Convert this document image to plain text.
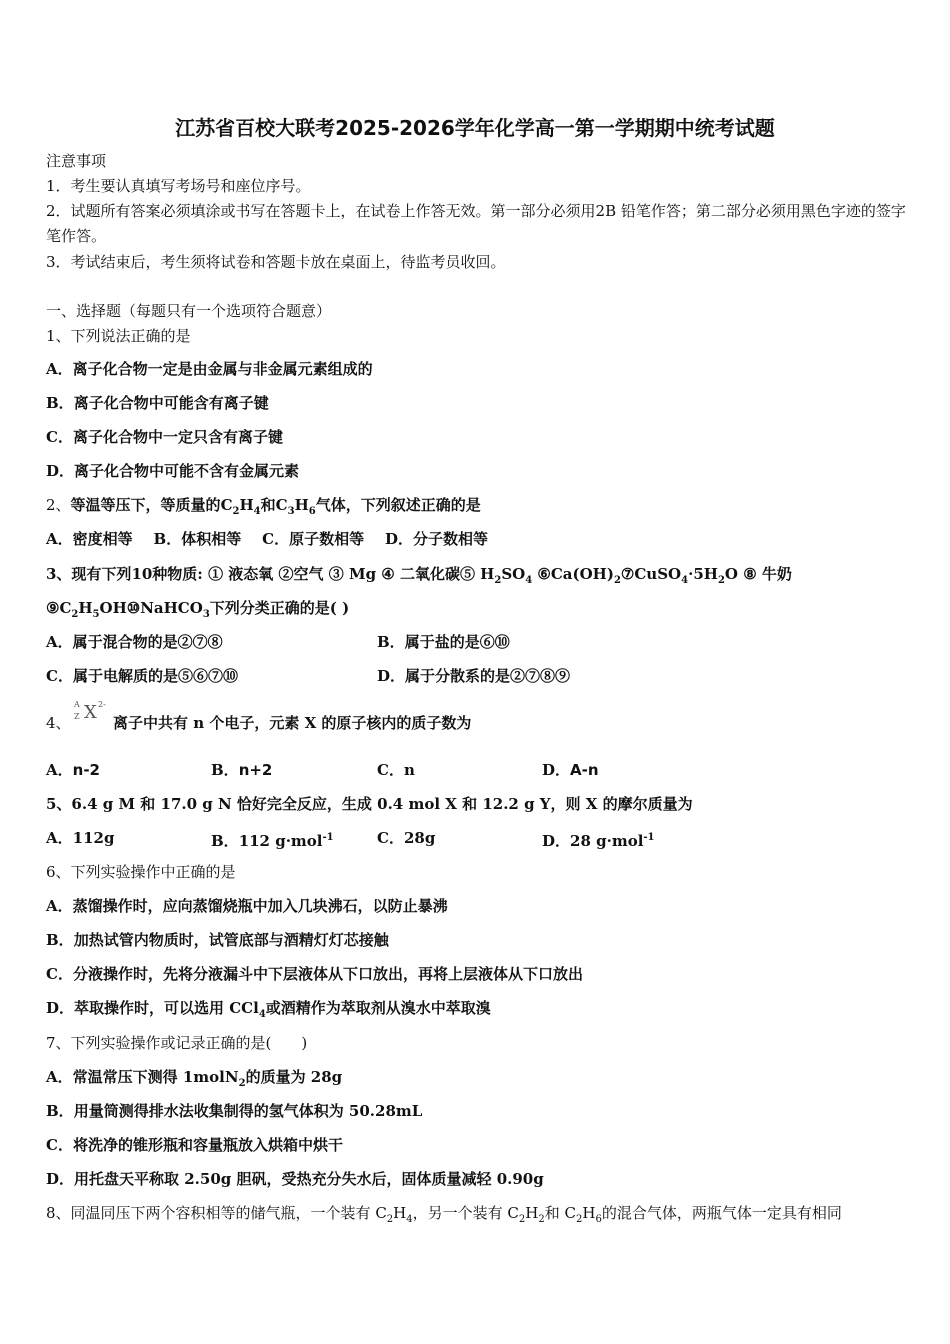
江苏省百校大联考2025-2026学年化学高一第一学期期中统考试题
注意事项
1．考生要认真填写考场号和座位序号。
2．试题所有答案必须填涂或书写在答题卡上，在试卷上作答无效。第一部分必须用2B 铅笔作答；第二部分必须用黑色字迹的签字笔作答。
3．考试结束后，考生须将试卷和答题卡放在桌面上，待监考员收回。
一、选择题（每题只有一个选项符合题意）
1、下列说法正确的是
A．离子化合物一定是由金属与非金属元素组成的
B．离子化合物中可能含有离子键
C．离子化合物中一定只含有离子键
D．离子化合物中可能不含有金属元素
2、等温等压下，等质量的$C_2H_4$和$C_3H_6$气体，下列叙述正确的是
A．密度相等 B．体积相等 C．原子数相等 D．分子数相等
3、现有下列10种物质: ① 液态氧 ②空气 ③ Mg ④ 二氧化碳⑤ $H_2SO_4$ $⑥Ca(OH)_2⑦CuSO_4\cdot 5H_2O$ ⑧ 牛奶
$⑨C_2H_5OH⑩NaHCO_3$下列分类正确的是( )
A．属于混合物的是②⑦⑧	B．属于盐的是⑥⑩
C．属于电解质的是⑤⑥⑦⑩	D．属于分散系的是②⑦⑧⑨
4、
A
Z X 2-
离子中共有 n 个电子，元素 X 的原子核内的质子数为
A．n-2	B．n+2	C．n	D．A-n
5、6.4 g M 和 17.0 g N 恰好完全反应，生成 0.4 mol X 和 12.2 g Y，则 X 的摩尔质量为
A．112g	B．112 g·mol$^{-1}$	C．28g	D．28 g·mol$^{-1}$
6、下列实验操作中正确的是
A．蒸馏操作时，应向蒸馏烧瓶中加入几块沸石，以防止暴沸
B．加热试管内物质时，试管底部与酒精灯灯芯接触
C．分液操作时，先将分液漏斗中下层液体从下口放出，再将上层液体从下口放出
D．萃取操作时，可以选用 CCl$_4$或酒精作为萃取剂从溴水中萃取溴
7、下列实验操作或记录正确的是(　　)
A．常温常压下测得 1molN$_2$的质量为 28g
B．用量筒测得排水法收集制得的氢气体积为 50.28mL
C．将洗净的锥形瓶和容量瓶放入烘箱中烘干
D．用托盘天平称取 2.50g 胆矾，受热充分失水后，固体质量减轻 0.90g
8、同温同压下两个容积相等的储气瓶，一个装有 $C_2H_4$，另一个装有 $C_2H_2$和 $C_2H_6$的混合气体，两瓶气体一定具有相同
